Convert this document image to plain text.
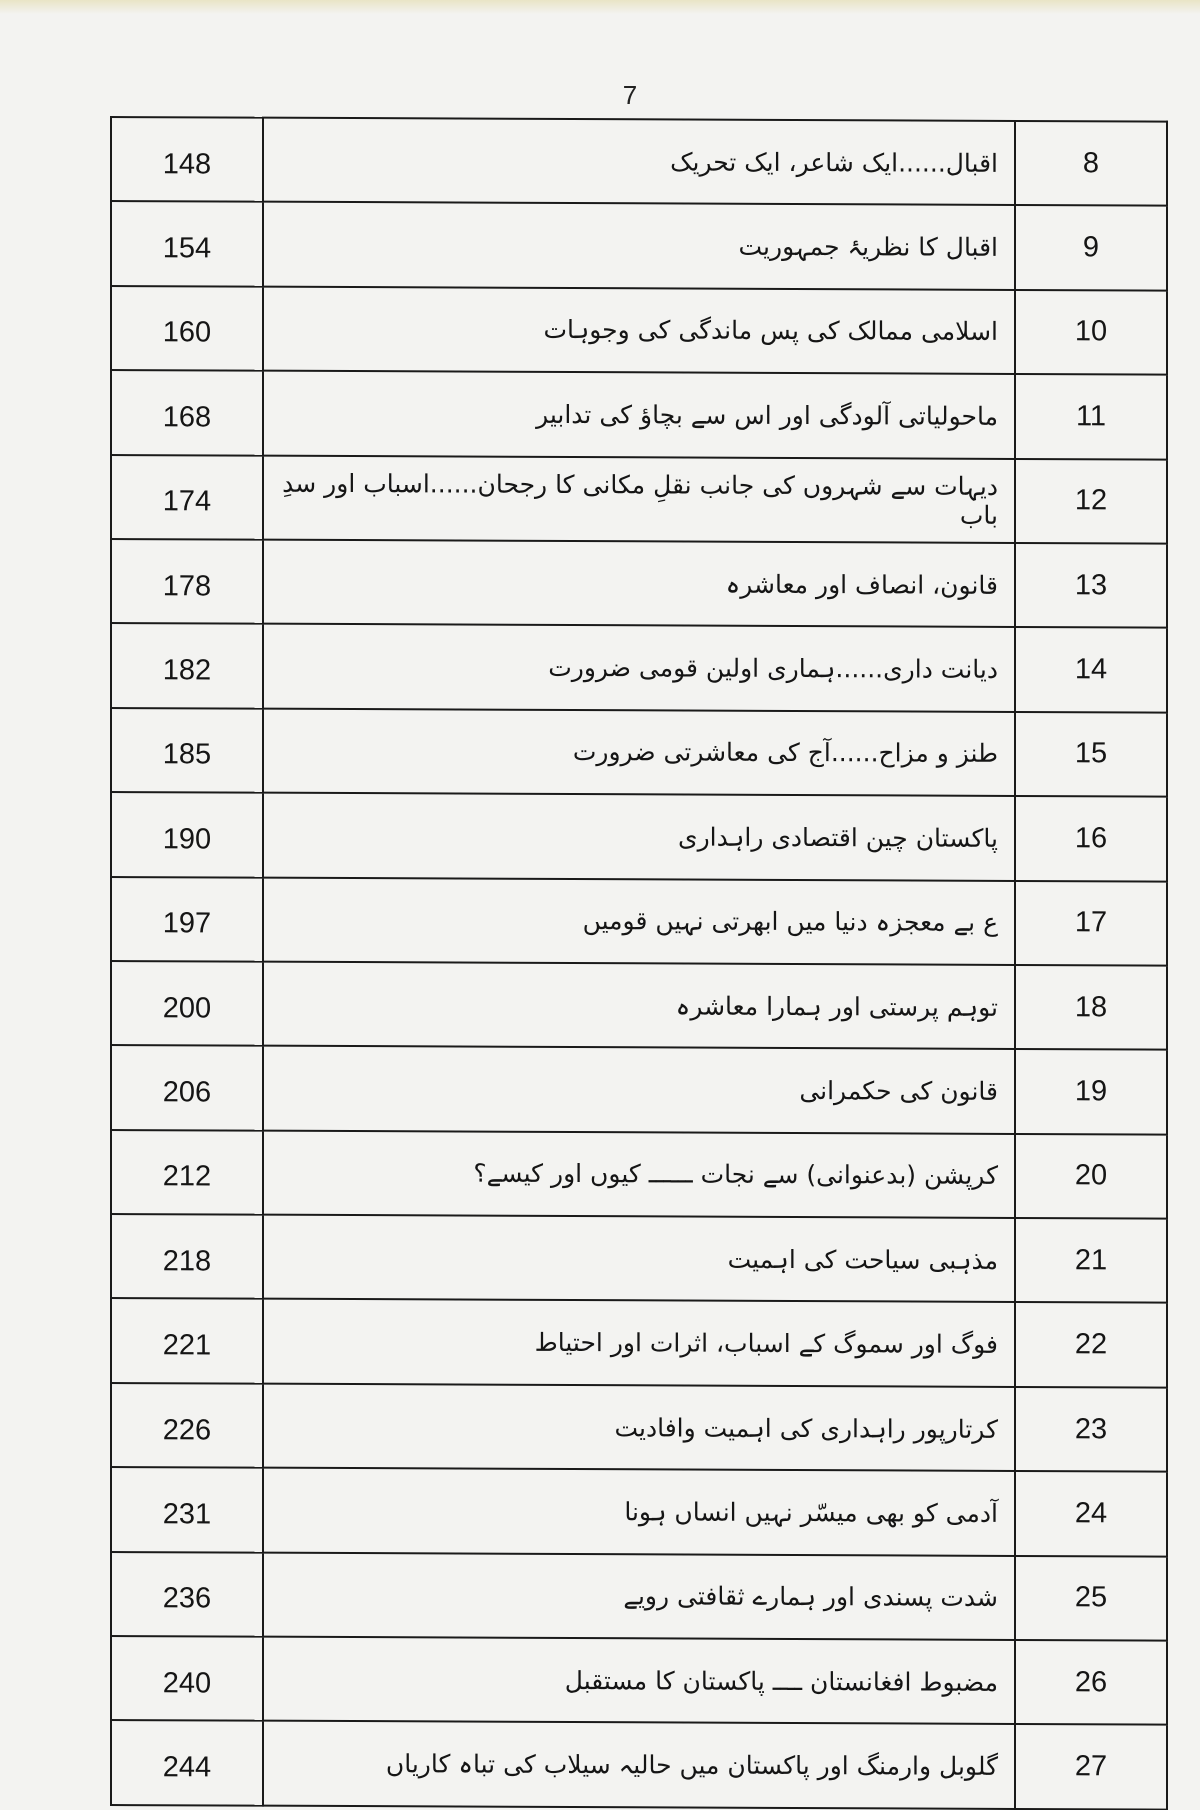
7
148	اقبال......ایک شاعر، ایک تحریک	8
154	اقبال کا نظریۂ جمہوریت	9
160	اسلامی ممالک کی پس ماندگی کی وجوہات	10
168	ماحولیاتی آلودگی اور اس سے بچاؤ کی تدابیر	11
174	دیہات سے شہروں کی جانب نقلِ مکانی کا رجحان......اسباب اور سدِ باب	12
178	قانون، انصاف اور معاشرہ	13
182	دیانت داری......ہماری اولین قومی ضرورت	14
185	طنز و مزاح......آج کی معاشرتی ضرورت	15
190	پاکستان چین اقتصادی راہداری	16
197	ع بے معجزہ دنیا میں ابھرتی نہیں قومیں	17
200	توہم پرستی اور ہمارا معاشرہ	18
206	قانون کی حکمرانی	19
212	کرپشن (بدعنوانی) سے نجات ــــــ کیوں اور کیسے؟	20
218	مذہبی سیاحت کی اہمیت	21
221	فوگ اور سموگ کے اسباب، اثرات اور احتیاط	22
226	کرتارپور راہداری کی اہمیت وافادیت	23
231	آدمی کو بھی میسّر نہیں انساں ہونا	24
236	شدت پسندی اور ہمارے ثقافتی رویے	25
240	مضبوط افغانستان ــــ پاکستان کا مستقبل	26
244	گلوبل وارمنگ اور پاکستان میں حالیہ سیلاب کی تباہ کاریاں	27
